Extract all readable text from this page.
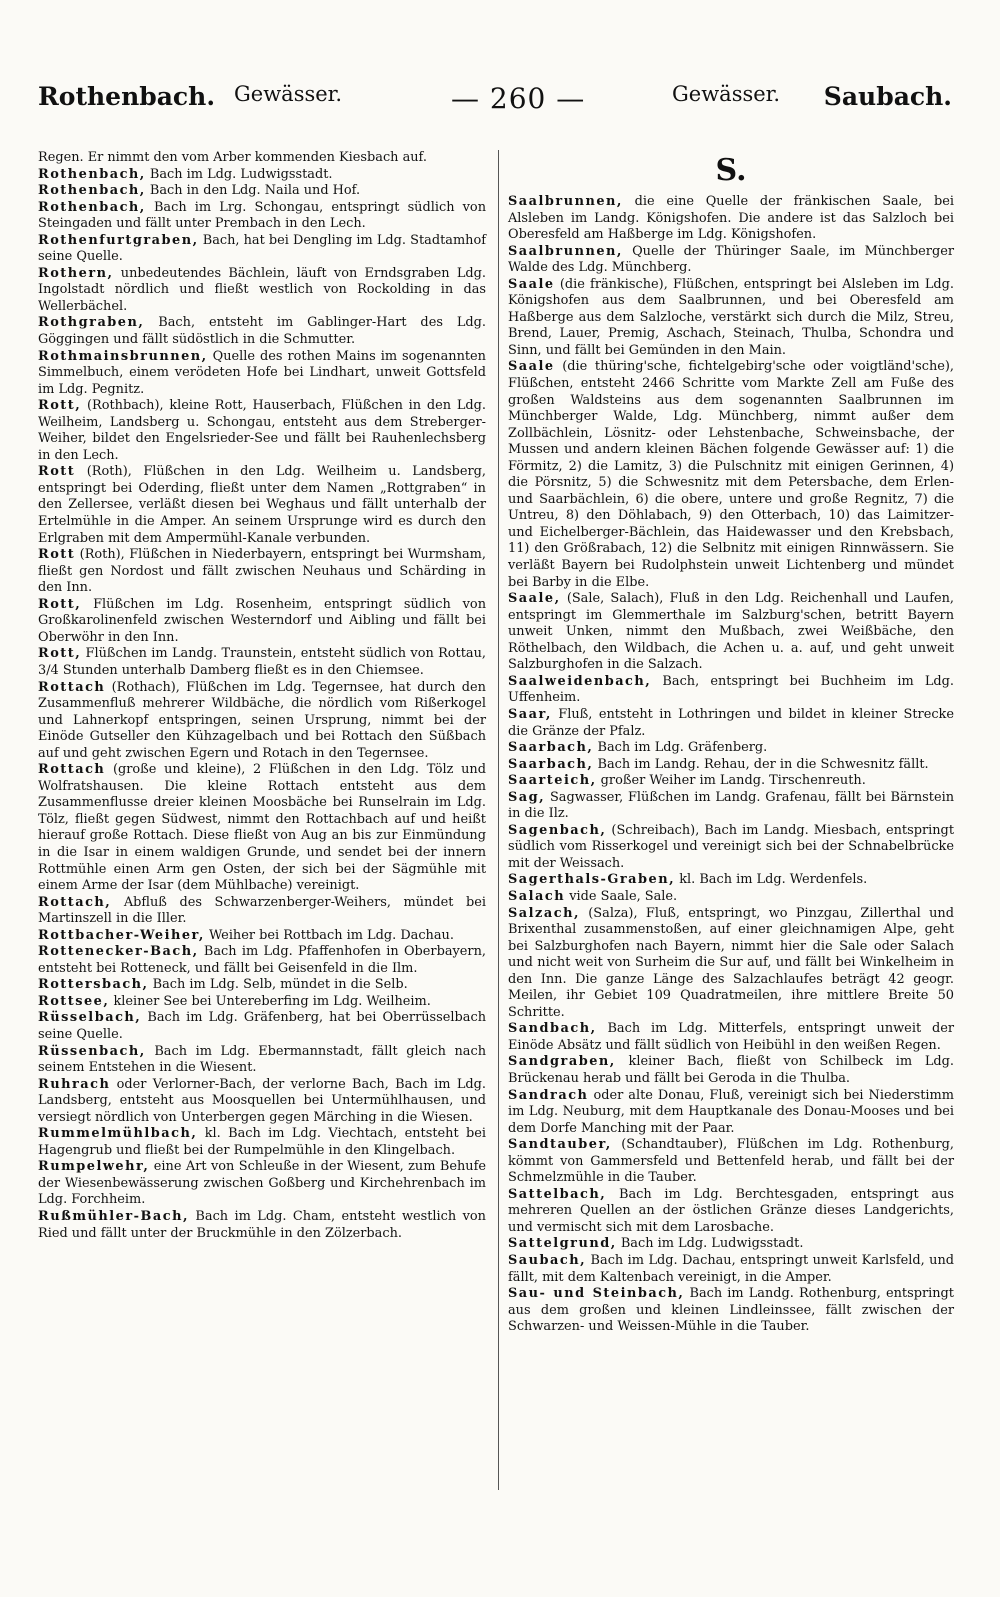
Rothenbach. Gewässer.	— 260 —	Gewässer. Saubach.

Regen. Er nimmt den vom Arber kommenden Kiesbach auf.

Rothenbach, Bach im Ldg. Ludwigsstadt.

Rothenbach, Bach in den Ldg. Naila und Hof.

Rothenbach, Bach im Lrg. Schongau, entspringt südlich von Steingaden und fällt unter Prembach in den Lech.

Rothenfurtgraben, Bach, hat bei Dengling im Ldg. Stadtamhof seine Quelle.

Rothern, unbedeutendes Bächlein, läuft von Erndsgraben Ldg. Ingolstadt nördlich und fließt westlich von Rockolding in das Wellerbächel.

Rothgraben, Bach, entsteht im Gablinger-Hart des Ldg. Göggingen und fällt südöstlich in die Schmutter.

Rothmainsbrunnen, Quelle des rothen Mains im sogenannten Simmelbuch, einem verödeten Hofe bei Lindhart, unweit Gottsfeld im Ldg. Pegnitz.

Rott, (Rothbach), kleine Rott, Hauserbach, Flüßchen in den Ldg. Weilheim, Landsberg u. Schongau, entsteht aus dem Streberger-Weiher, bildet den Engelsrieder-See und fällt bei Rauhenlechsberg in den Lech.

Rott (Roth), Flüßchen in den Ldg. Weilheim u. Landsberg, entspringt bei Oderding, fließt unter dem Namen „Rottgraben“ in den Zellersee, verläßt diesen bei Weghaus und fällt unterhalb der Ertelmühle in die Amper. An seinem Ursprunge wird es durch den Erlgraben mit dem Ampermühl-Kanale verbunden.

Rott (Roth), Flüßchen in Niederbayern, entspringt bei Wurmsham, fließt gen Nordost und fällt zwischen Neuhaus und Schärding in den Inn.

Rott, Flüßchen im Ldg. Rosenheim, entspringt südlich von Großkarolinenfeld zwischen Westerndorf und Aibling und fällt bei Oberwöhr in den Inn.

Rott, Flüßchen im Landg. Traunstein, entsteht südlich von Rottau, 3/4 Stunden unterhalb Damberg fließt es in den Chiemsee.

Rottach (Rothach), Flüßchen im Ldg. Tegernsee, hat durch den Zusammenfluß mehrerer Wildbäche, die nördlich vom Rißerkogel und Lahnerkopf entspringen, seinen Ursprung, nimmt bei der Einöde Gutseller den Kühzagelbach und bei Rottach den Süßbach auf und geht zwischen Egern und Rotach in den Tegernsee.

Rottach (große und kleine), 2 Flüßchen in den Ldg. Tölz und Wolfratshausen. Die kleine Rottach entsteht aus dem Zusammenflusse dreier kleinen Moosbäche bei Runselrain im Ldg. Tölz, fließt gegen Südwest, nimmt den Rottachbach auf und heißt hierauf große Rottach. Diese fließt von Aug an bis zur Einmündung in die Isar in einem waldigen Grunde, und sendet bei der innern Rottmühle einen Arm gen Osten, der sich bei der Sägmühle mit einem Arme der Isar (dem Mühlbache) vereinigt.

Rottach, Abfluß des Schwarzenberger-Weihers, mündet bei Martinszell in die Iller.

Rottbacher-Weiher, Weiher bei Rottbach im Ldg. Dachau.

Rottenecker-Bach, Bach im Ldg. Pfaffenhofen in Oberbayern, entsteht bei Rotteneck, und fällt bei Geisenfeld in die Ilm.

Rottersbach, Bach im Ldg. Selb, mündet in die Selb.

Rottsee, kleiner See bei Untereberfing im Ldg. Weilheim.

Rüsselbach, Bach im Ldg. Gräfenberg, hat bei Oberrüsselbach seine Quelle.

Rüssenbach, Bach im Ldg. Ebermannstadt, fällt gleich nach seinem Entstehen in die Wiesent.

Ruhrach oder Verlorner-Bach, der verlorne Bach, Bach im Ldg. Landsberg, entsteht aus Moosquellen bei Untermühlhausen, und versiegt nördlich von Unterbergen gegen Märching in die Wiesen.

Rummelmühlbach, kl. Bach im Ldg. Viechtach, entsteht bei Hagengrub und fließt bei der Rumpelmühle in den Klingelbach.

Rumpelwehr, eine Art von Schleuße in der Wiesent, zum Behufe der Wiesenbewässerung zwischen Goßberg und Kirchehrenbach im Ldg. Forchheim.

Rußmühler-Bach, Bach im Ldg. Cham, entsteht westlich von Ried und fällt unter der Bruckmühle in den Zölzerbach.

S.

Saalbrunnen, die eine Quelle der fränkischen Saale, bei Alsleben im Landg. Königshofen. Die andere ist das Salzloch bei Oberesfeld am Haßberge im Ldg. Königshofen.

Saalbrunnen, Quelle der Thüringer Saale, im Münchberger Walde des Ldg. Münchberg.

Saale (die fränkische), Flüßchen, entspringt bei Alsleben im Ldg. Königshofen aus dem Saalbrunnen, und bei Oberesfeld am Haßberge aus dem Salzloche, verstärkt sich durch die Milz, Streu, Brend, Lauer, Premig, Aschach, Steinach, Thulba, Schondra und Sinn, und fällt bei Gemünden in den Main.

Saale (die thüring'sche, fichtelgebirg'sche oder voigtländ'sche), Flüßchen, entsteht 2466 Schritte vom Markte Zell am Fuße des großen Waldsteins aus dem sogenannten Saalbrunnen im Münchberger Walde, Ldg. Münchberg, nimmt außer dem Zollbächlein, Lösnitz- oder Lehstenbache, Schweinsbache, der Mussen und andern kleinen Bächen folgende Gewässer auf: 1) die Förmitz, 2) die Lamitz, 3) die Pulschnitz mit einigen Gerinnen, 4) die Pörsnitz, 5) die Schwesnitz mit dem Petersbache, dem Erlen- und Saarbächlein, 6) die obere, untere und große Regnitz, 7) die Untreu, 8) den Döhlabach, 9) den Otterbach, 10) das Laimitzer- und Eichelberger-Bächlein, das Haidewasser und den Krebsbach, 11) den Größrabach, 12) die Selbnitz mit einigen Rinnwässern. Sie verläßt Bayern bei Rudolphstein unweit Lichtenberg und mündet bei Barby in die Elbe.

Saale, (Sale, Salach), Fluß in den Ldg. Reichenhall und Laufen, entspringt im Glemmerthale im Salzburg'schen, betritt Bayern unweit Unken, nimmt den Mußbach, zwei Weißbäche, den Röthelbach, den Wildbach, die Achen u. a. auf, und geht unweit Salzburghofen in die Salzach.

Saalweidenbach, Bach, entspringt bei Buchheim im Ldg. Uffenheim.

Saar, Fluß, entsteht in Lothringen und bildet in kleiner Strecke die Gränze der Pfalz.

Saarbach, Bach im Ldg. Gräfenberg.

Saarbach, Bach im Landg. Rehau, der in die Schwesnitz fällt.

Saarteich, großer Weiher im Landg. Tirschenreuth.

Sag, Sagwasser, Flüßchen im Landg. Grafenau, fällt bei Bärnstein in die Ilz.

Sagenbach, (Schreibach), Bach im Landg. Miesbach, entspringt südlich vom Risserkogel und vereinigt sich bei der Schnabelbrücke mit der Weissach.

Sagerthals-Graben, kl. Bach im Ldg. Werdenfels.

Salach vide Saale, Sale.

Salzach, (Salza), Fluß, entspringt, wo Pinzgau, Zillerthal und Brixenthal zusammenstoßen, auf einer gleichnamigen Alpe, geht bei Salzburghofen nach Bayern, nimmt hier die Sale oder Salach und nicht weit von Surheim die Sur auf, und fällt bei Winkelheim in den Inn. Die ganze Länge des Salzachlaufes beträgt 42 geogr. Meilen, ihr Gebiet 109 Quadratmeilen, ihre mittlere Breite 50 Schritte.

Sandbach, Bach im Ldg. Mitterfels, entspringt unweit der Einöde Absätz und fällt südlich von Heibühl in den weißen Regen.

Sandgraben, kleiner Bach, fließt von Schilbeck im Ldg. Brückenau herab und fällt bei Geroda in die Thulba.

Sandrach oder alte Donau, Fluß, vereinigt sich bei Niederstimm im Ldg. Neuburg, mit dem Hauptkanale des Donau-Mooses und bei dem Dorfe Manching mit der Paar.

Sandtauber, (Schandtauber), Flüßchen im Ldg. Rothenburg, kömmt von Gammersfeld und Bettenfeld herab, und fällt bei der Schmelzmühle in die Tauber.

Sattelbach, Bach im Ldg. Berchtesgaden, entspringt aus mehreren Quellen an der östlichen Gränze dieses Landgerichts, und vermischt sich mit dem Larosbache.

Sattelgrund, Bach im Ldg. Ludwigsstadt.

Saubach, Bach im Ldg. Dachau, entspringt unweit Karlsfeld, und fällt, mit dem Kaltenbach vereinigt, in die Amper.

Sau- und Steinbach, Bach im Landg. Rothenburg, entspringt aus dem großen und kleinen Lindleinssee, fällt zwischen der Schwarzen- und Weissen-Mühle in die Tauber.
